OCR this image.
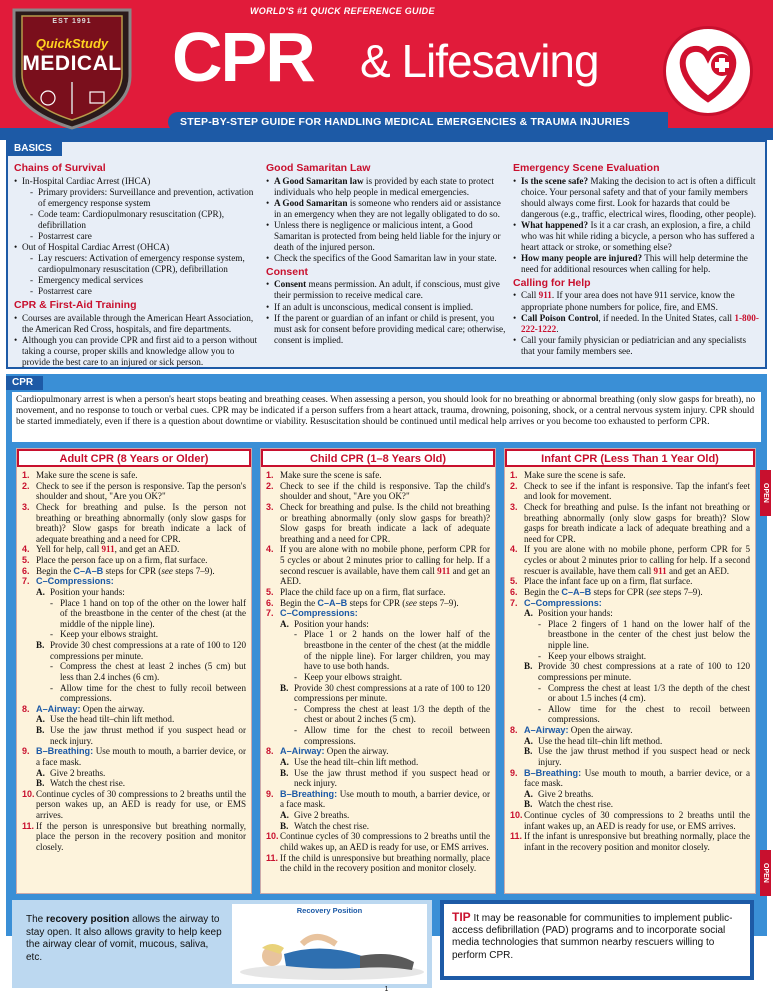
EST 1991
QuickStudy
MEDICAL
WORLD'S #1 QUICK REFERENCE GUIDE
CPR & Lifesaving
STEP-BY-STEP GUIDE FOR HANDLING MEDICAL EMERGENCIES & TRAUMA INJURIES
BASICS
Chains of Survival
• In-Hospital Cardiac Arrest (IHCA)
- Primary providers: Surveillance and prevention, activation of emergency response system
- Code team: Cardiopulmonary resuscitation (CPR), defibrillation
- Postarrest care
• Out of Hospital Cardiac Arrest (OHCA)
- Lay rescuers: Activation of emergency response system, cardiopulmonary resuscitation (CPR), defibrillation
- Emergency medical services
- Postarrest care
CPR & First-Aid Training
• Courses are available through the American Heart Association, the American Red Cross, hospitals, and fire departments.
• Although you can provide CPR and first aid to a person without taking a course, proper skills and knowledge allow you to provide the best care to an injured or sick person.
Good Samaritan Law
• A Good Samaritan law is provided by each state to protect individuals who help people in medical emergencies.
• A Good Samaritan is someone who renders aid or assistance in an emergency when they are not legally obligated to do so.
• Unless there is negligence or malicious intent, a Good Samaritan is protected from being held liable for the injury or death of the injured person.
• Check the specifics of the Good Samaritan law in your state.
Consent
• Consent means permission. An adult, if conscious, must give their permission to receive medical care.
• If an adult is unconscious, medical consent is implied.
• If the parent or guardian of an infant or child is present, you must ask for consent before providing medical care; otherwise, consent is implied.
Emergency Scene Evaluation
• Is the scene safe? Making the decision to act is often a difficult choice. Your personal safety and that of your family members should always come first. Look for hazards that could be dangerous (e.g., traffic, electrical wires, flooding, other people).
• What happened? Is it a car crash, an explosion, a fire, a child who was hit while riding a bicycle, a person who has suffered a heart attack or stroke, or something else?
• How many people are injured? This will help determine the need for additional resources when calling for help.
Calling for Help
• Call 911. If your area does not have 911 service, know the appropriate phone numbers for police, fire, and EMS.
• Call Poison Control, if needed. In the United States, call 1-800-222-1222.
• Call your family physician or pediatrician and any specialists that your family members see.
CPR
Cardiopulmonary arrest is when a person's heart stops beating and breathing ceases. When assessing a person, you should look for no breathing or abnormal breathing (only slow gasps for breath), no movement, and no response to touch or verbal cues. CPR may be indicated if a person suffers from a heart attack, trauma, drowning, poisoning, shock, or a central nervous system injury. CPR should be started immediately, even if there is a question about downtime or viability. Resuscitation should be continued until medical help arrives or you become too exhausted to perform CPR.
Adult CPR (8 Years or Older)
1. Make sure the scene is safe.
2. Check to see if the person is responsive. Tap the person's shoulder and shout, "Are you OK?"
3. Check for breathing and pulse. Is the person not breathing or breathing abnormally (only slow gasps for breath)? Slow gasps for breath indicate a lack of adequate breathing and a need for CPR.
4. Yell for help, call 911, and get an AED.
5. Place the person face up on a firm, flat surface.
6. Begin the C–A–B steps for CPR (see steps 7–9).
7. C–Compressions:
A. Position your hands:
- Place 1 hand on top of the other on the lower half of the breastbone in the center of the chest (at the middle of the nipple line).
- Keep your elbows straight.
B. Provide 30 chest compressions at a rate of 100 to 120 compressions per minute.
- Compress the chest at least 2 inches (5 cm) but less than 2.4 inches (6 cm).
- Allow time for the chest to fully recoil between compressions.
8. A–Airway: Open the airway.
A. Use the head tilt–chin lift method.
B. Use the jaw thrust method if you suspect head or neck injury.
9. B–Breathing: Use mouth to mouth, a barrier device, or a face mask.
A. Give 2 breaths.
B. Watch the chest rise.
10. Continue cycles of 30 compressions to 2 breaths until the person wakes up, an AED is ready for use, or EMS arrives.
11. If the person is unresponsive but breathing normally, place the person in the recovery position and monitor closely.
Child CPR (1–8 Years Old)
1. Make sure the scene is safe.
2. Check to see if the child is responsive. Tap the child's shoulder and shout, "Are you OK?"
3. Check for breathing and pulse. Is the child not breathing or breathing abnormally (only slow gasps for breath)? Slow gasps for breath indicate a lack of adequate breathing and a need for CPR.
4. If you are alone with no mobile phone, perform CPR for 5 cycles or about 2 minutes prior to calling for help. If a second rescuer is available, have them call 911 and get an AED.
5. Place the child face up on a firm, flat surface.
6. Begin the C–A–B steps for CPR (see steps 7–9).
7. C–Compressions:
A. Position your hands:
- Place 1 or 2 hands on the lower half of the breastbone in the center of the chest (at the middle of the nipple line). For larger children, you may have to use both hands.
- Keep your elbows straight.
B. Provide 30 chest compressions at a rate of 100 to 120 compressions per minute.
- Compress the chest at least 1/3 the depth of the chest or about 2 inches (5 cm).
- Allow time for the chest to recoil between compressions.
8. A–Airway: Open the airway.
A. Use the head tilt–chin lift method.
B. Use the jaw thrust method if you suspect head or neck injury.
9. B–Breathing: Use mouth to mouth, a barrier device, or a face mask.
A. Give 2 breaths.
B. Watch the chest rise.
10. Continue cycles of 30 compressions to 2 breaths until the child wakes up, an AED is ready for use, or EMS arrives.
11. If the child is unresponsive but breathing normally, place the child in the recovery position and monitor closely.
Infant CPR (Less Than 1 Year Old)
1. Make sure the scene is safe.
2. Check to see if the infant is responsive. Tap the infant's feet and look for movement.
3. Check for breathing and pulse. Is the infant not breathing or breathing abnormally (only slow gasps for breath)? Slow gasps for breath indicate a lack of adequate breathing and a need for CPR.
4. If you are alone with no mobile phone, perform CPR for 5 cycles or about 2 minutes prior to calling for help. If a second rescuer is available, have them call 911 and get an AED.
5. Place the infant face up on a firm, flat surface.
6. Begin the C–A–B steps for CPR (see steps 7–9).
7. C–Compressions:
A. Position your hands:
- Place 2 fingers of 1 hand on the lower half of the breastbone in the center of the chest just below the nipple line.
- Keep your elbows straight.
B. Provide 30 chest compressions at a rate of 100 to 120 compressions per minute.
- Compress the chest at least 1/3 the depth of the chest or about 1.5 inches (4 cm).
- Allow time for the chest to recoil between compressions.
8. A–Airway: Open the airway.
A. Use the head tilt–chin lift method.
B. Use the jaw thrust method if you suspect head or neck injury.
9. B–Breathing: Use mouth to mouth, a barrier device, or a face mask.
A. Give 2 breaths.
B. Watch the chest rise.
10. Continue cycles of 30 compressions to 2 breaths until the infant wakes up, an AED is ready for use, or EMS arrives.
11. If the infant is unresponsive but breathing normally, place the infant in the recovery position and monitor closely.
OPEN
OPEN
The recovery position allows the airway to stay open. It also allows gravity to help keep the airway clear of vomit, mucous, saliva, etc.
Recovery Position	TIP It may be reasonable for communities to implement public-access defibrillation (PAD) programs and to incorporate social media technologies that summon nearby rescuers willing to perform CPR.
1
